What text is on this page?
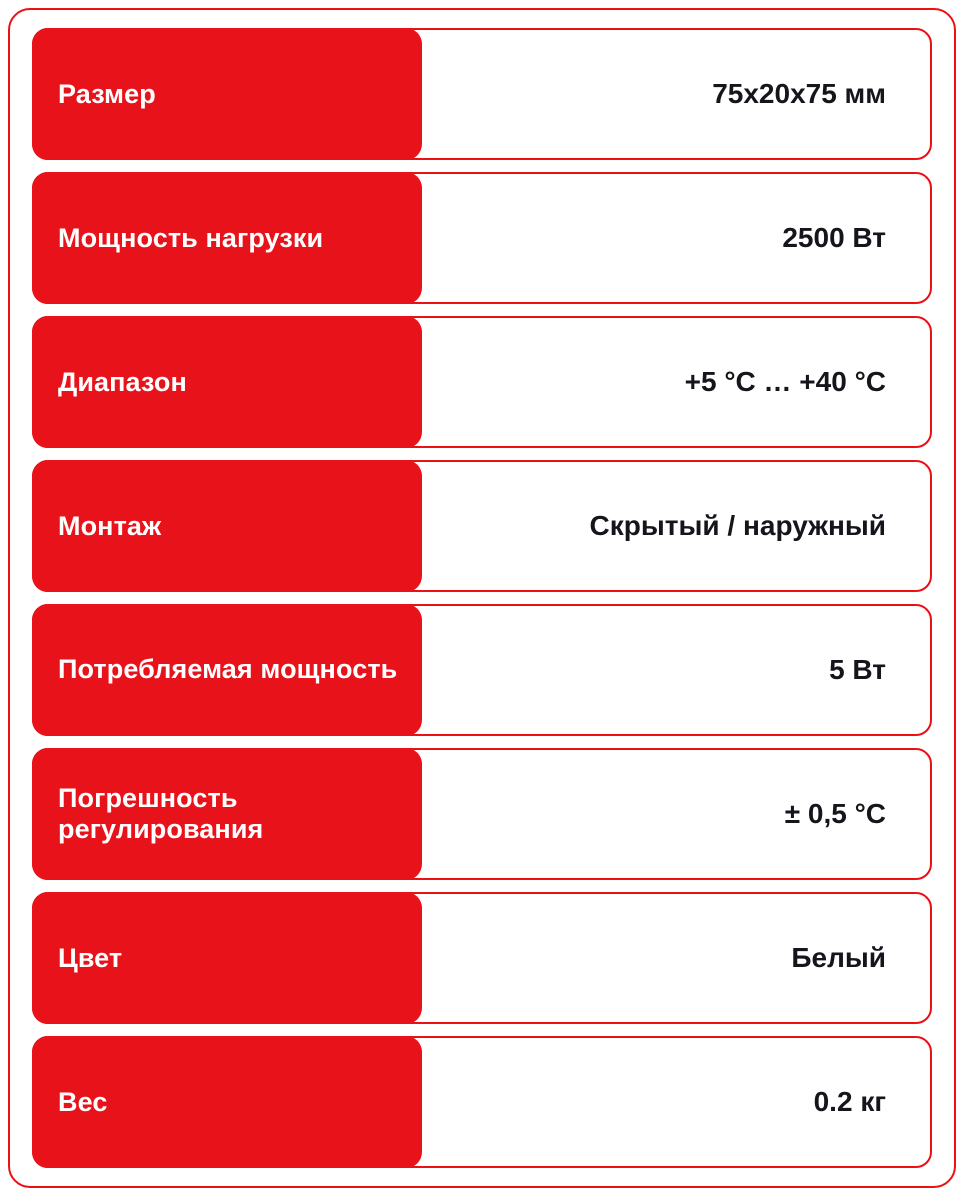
Размер	75х20х75 мм
Мощность нагрузки	2500 Вт
Диапазон	+5 °C … +40 °C
Монтаж	Скрытый / наружный
Потребляемая мощность	5 Вт
Погрешность регулирования	± 0,5 °C
Цвет	Белый
Вес	0.2 кг
